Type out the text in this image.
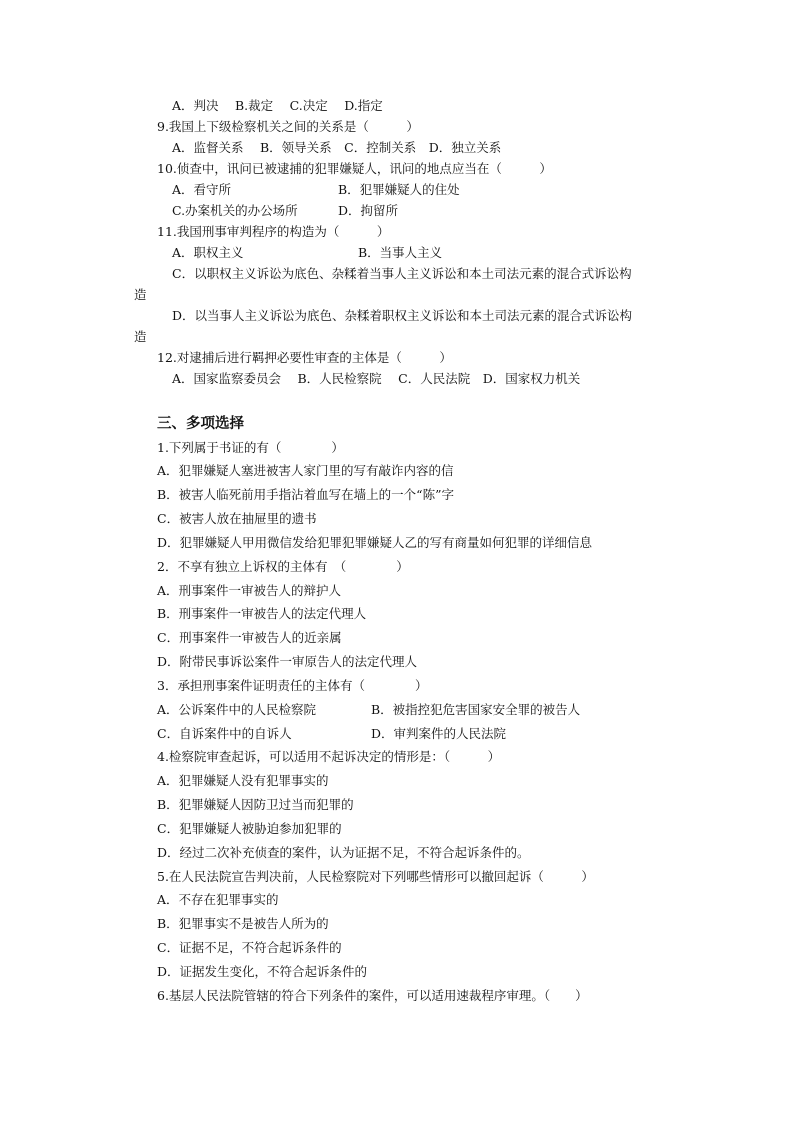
A．判决　 B.裁定　 C.决定　 D.指定
9.我国上下级检察机关之间的关系是（　　　）
A．监督关系　 B．领导关系　C．控制关系　D．独立关系
10.侦查中，讯问已被逮捕的犯罪嫌疑人，讯问的地点应当在（　　　）
A．看守所	B．犯罪嫌疑人的住处
C.办案机关的办公场所	D．拘留所
11.我国刑事审判程序的构造为（　　　）
A．职权主义	B．当事人主义
C．以职权主义诉讼为底色、杂糅着当事人主义诉讼和本土司法元素的混合式诉讼构
造
D．以当事人主义诉讼为底色、杂糅着职权主义诉讼和本土司法元素的混合式诉讼构
造
12.对逮捕后进行羁押必要性审查的主体是（　　　）
A．国家监察委员会　 B．人民检察院　 C．人民法院　D．国家权力机关
三、多项选择
1.下列属于书证的有（　　　　）
A．犯罪嫌疑人塞进被害人家门里的写有敲诈内容的信
B．被害人临死前用手指沾着血写在墙上的一个“陈”字
C．被害人放在抽屉里的遗书
D．犯罪嫌疑人甲用微信发给犯罪犯罪嫌疑人乙的写有商量如何犯罪的详细信息
2．不享有独立上诉权的主体有　（　　　　）
A．刑事案件一审被告人的辩护人
B．刑事案件一审被告人的法定代理人
C．刑事案件一审被告人的近亲属
D．附带民事诉讼案件一审原告人的法定代理人
3．承担刑事案件证明责任的主体有（　　　　）
A．公诉案件中的人民检察院	B．被指控犯危害国家安全罪的被告人
C．自诉案件中的自诉人	D．审判案件的人民法院
4.检察院审查起诉，可以适用不起诉决定的情形是：（　　　）
A．犯罪嫌疑人没有犯罪事实的
B．犯罪嫌疑人因防卫过当而犯罪的
C．犯罪嫌疑人被胁迫参加犯罪的
D．经过二次补充侦查的案件，认为证据不足，不符合起诉条件的。
5.在人民法院宣告判决前，人民检察院对下列哪些情形可以撤回起诉（　　　）
A．不存在犯罪事实的
B．犯罪事实不是被告人所为的
C．证据不足，不符合起诉条件的
D．证据发生变化，不符合起诉条件的
6.基层人民法院管辖的符合下列条件的案件，可以适用速裁程序审理。（　　）
